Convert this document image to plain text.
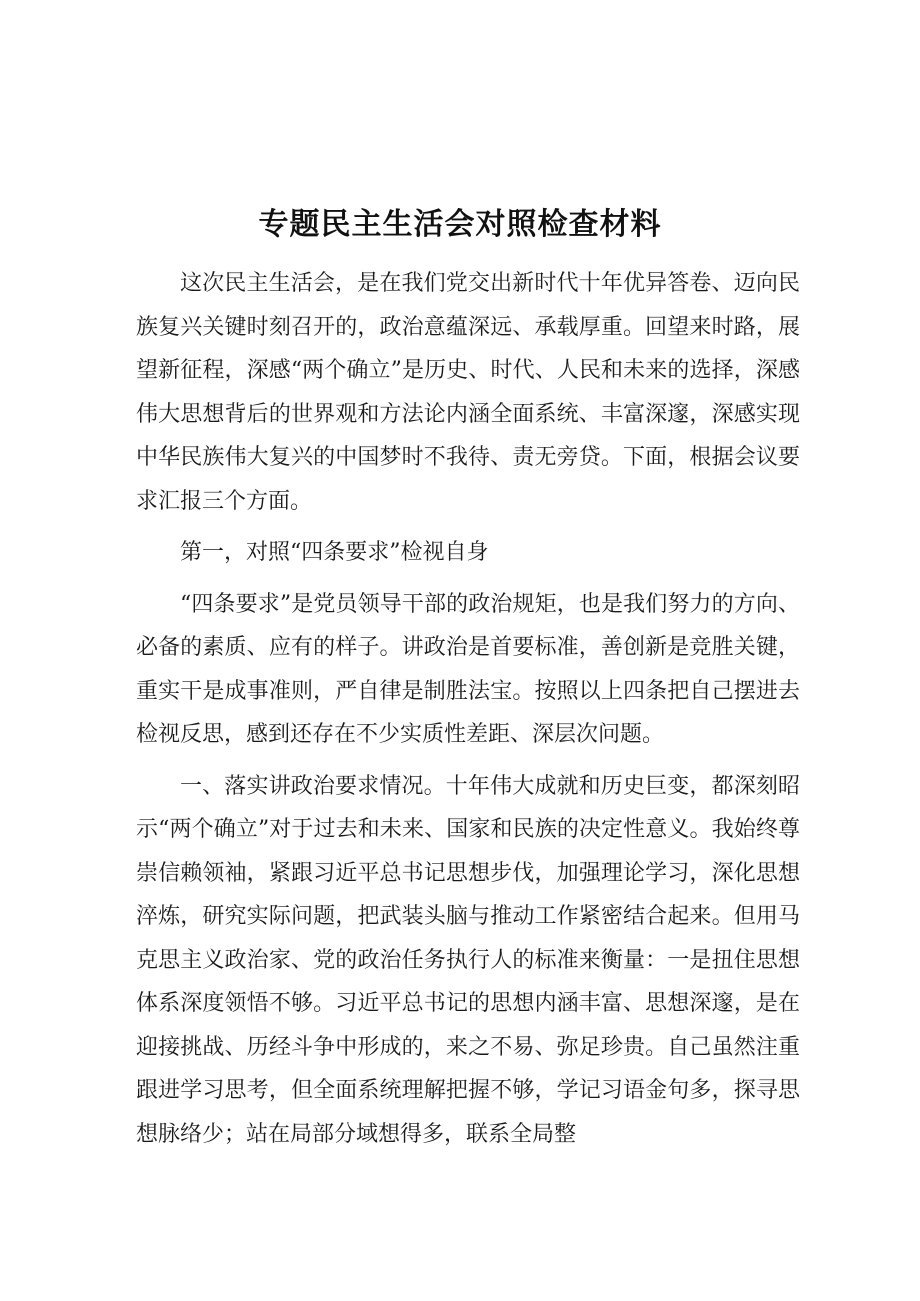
专题民主生活会对照检查材料

这次民主生活会，是在我们党交出新时代十年优异答卷、迈向民族复兴关键时刻召开的，政治意蕴深远、承载厚重。回望来时路，展望新征程，深感“两个确立”是历史、时代、人民和未来的选择，深感伟大思想背后的世界观和方法论内涵全面系统、丰富深邃，深感实现中华民族伟大复兴的中国梦时不我待、责无旁贷。下面，根据会议要求汇报三个方面。

第一，对照“四条要求”检视自身

“四条要求”是党员领导干部的政治规矩，也是我们努力的方向、必备的素质、应有的样子。讲政治是首要标准，善创新是竞胜关键，重实干是成事准则，严自律是制胜法宝。按照以上四条把自己摆进去检视反思，感到还存在不少实质性差距、深层次问题。

一、落实讲政治要求情况。十年伟大成就和历史巨变，都深刻昭示“两个确立”对于过去和未来、国家和民族的决定性意义。我始终尊崇信赖领袖，紧跟习近平总书记思想步伐，加强理论学习，深化思想淬炼，研究实际问题，把武装头脑与推动工作紧密结合起来。但用马克思主义政治家、党的政治任务执行人的标准来衡量：一是扭住思想体系深度领悟不够。习近平总书记的思想内涵丰富、思想深邃，是在迎接挑战、历经斗争中形成的，来之不易、弥足珍贵。自己虽然注重跟进学习思考，但全面系统理解把握不够，学记习语金句多，探寻思想脉络少；站在局部分域想得多，联系全局整
